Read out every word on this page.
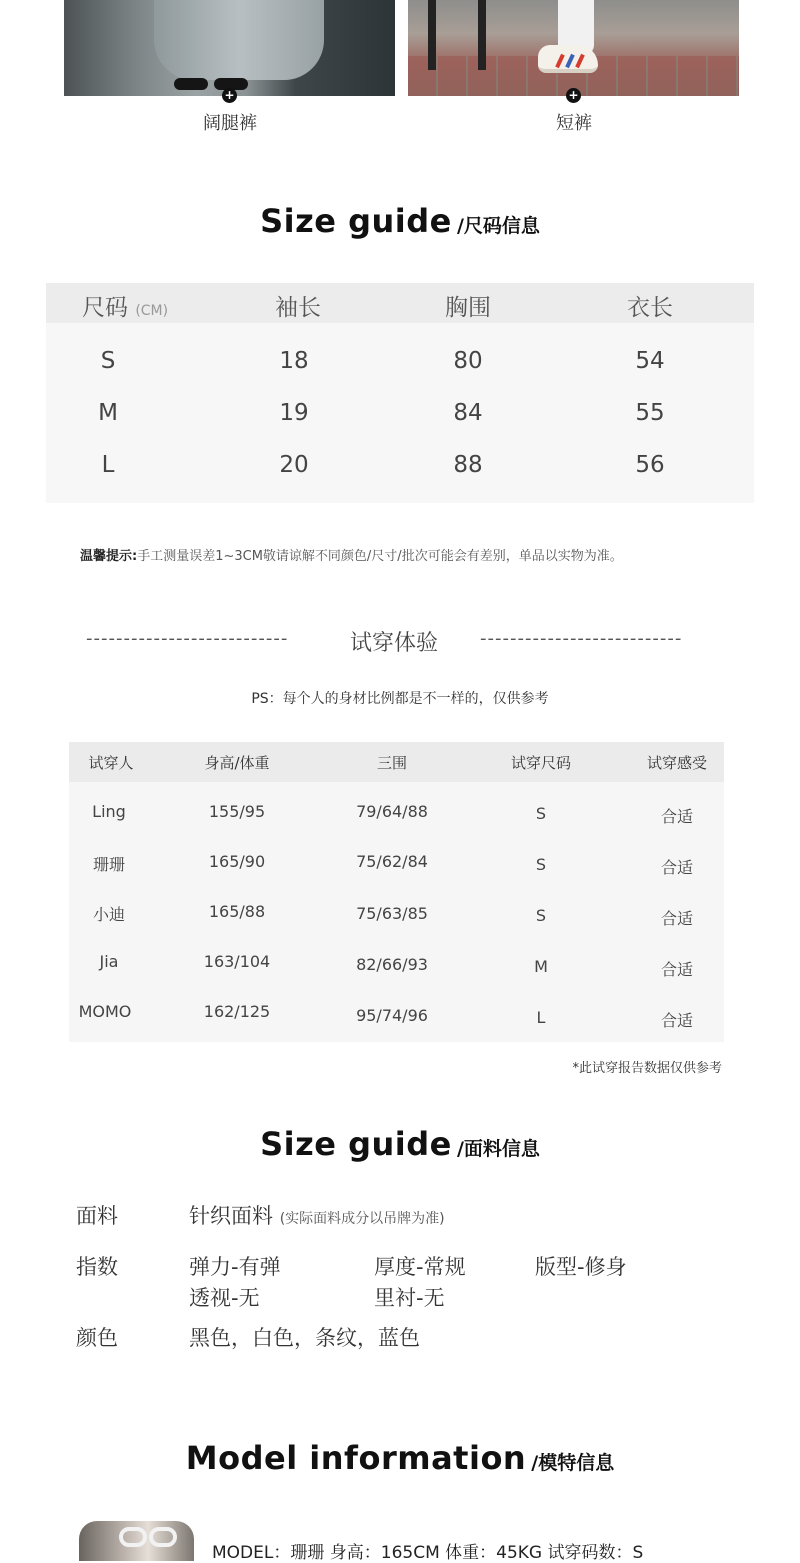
+	+
阔腿裤	短裤
Size guide /尺码信息
尺码 (CM)	袖长	胸围	衣长
S	18	80	54
M	19	84	55
L	20	88	56
温馨提示:手工测量误差1~3CM敬请谅解不同颜色/尺寸/批次可能会有差别，单品以实物为准。
---------------------------	试穿体验 ---------------------------
PS：每个人的身材比例都是不一样的，仅供参考
试穿人	身高/体重	三围	试穿尺码	试穿感受
Ling	155/95	79/64/88	S	合适
珊珊	165/90	75/62/84	S	合适
小迪	165/88	75/63/85	S	合适
Jia	163/104	82/66/93	M	合适
MOMO	162/125	95/74/96	L	合适
*此试穿报告数据仅供参考
Size guide /面料信息
面料	针织面料 (实际面料成分以吊牌为准)
指数	弹力-有弹	厚度-常规	版型-修身
透视-无	里衬-无
颜色	黑色，白色，条纹，蓝色
Model information /模特信息
MODEL：珊珊 身高：165CM 体重：45KG 试穿码数：S
